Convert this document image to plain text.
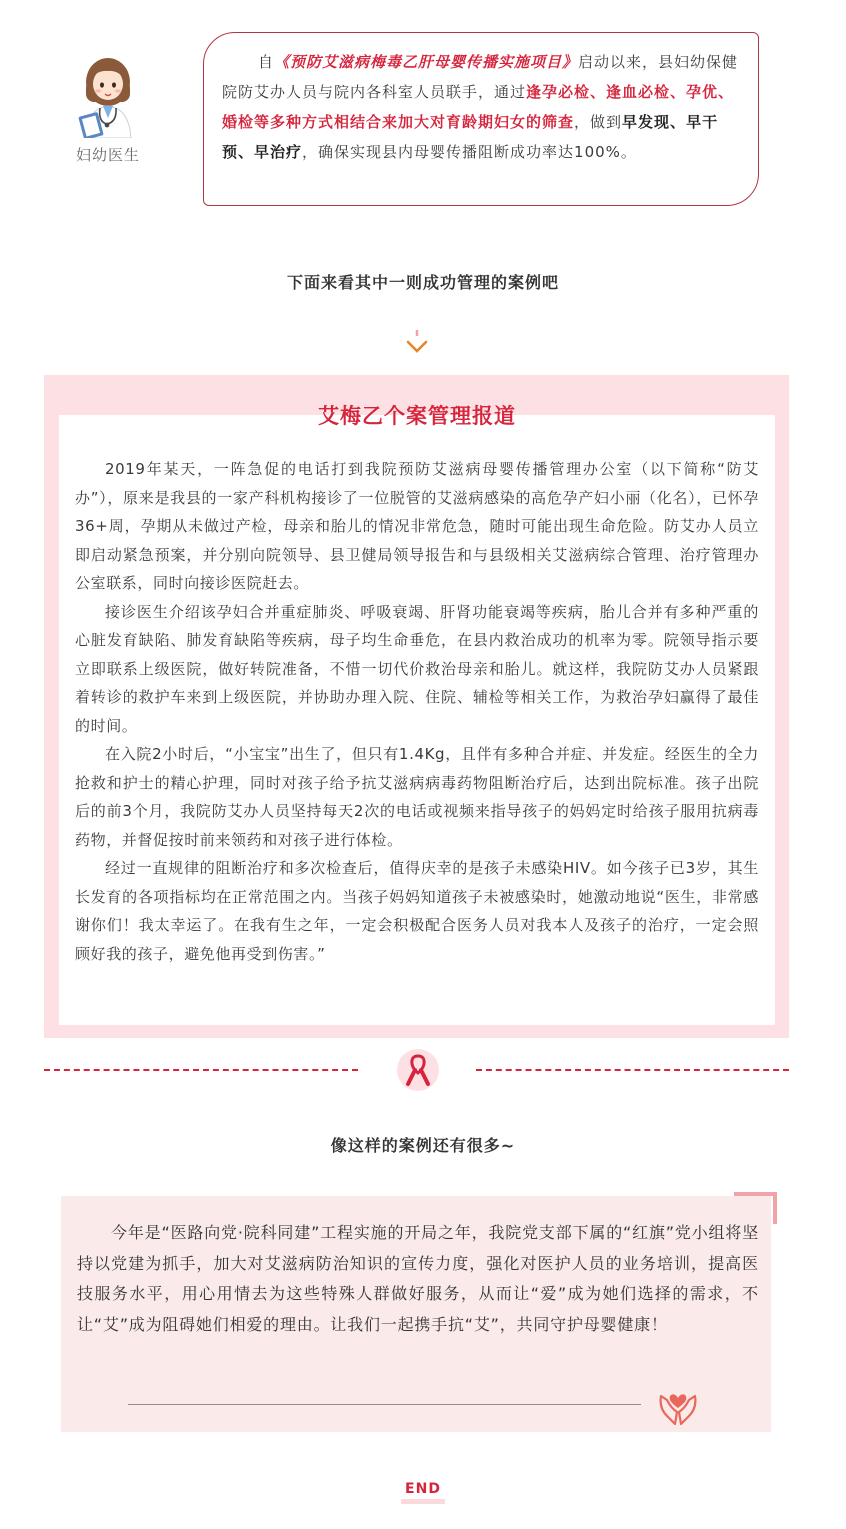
妇幼医生
自《预防艾滋病梅毒乙肝母婴传播实施项目》启动以来，县妇幼保健院防艾办人员与院内各科室人员联手，通过逢孕必检、逢血必检、孕优、婚检等多种方式相结合来加大对育龄期妇女的筛查，做到早发现、早干预、早治疗，确保实现县内母婴传播阻断成功率达100%。
下面来看其中一则成功管理的案例吧
艾梅乙个案管理报道

2019年某天，一阵急促的电话打到我院预防艾滋病母婴传播管理办公室（以下简称“防艾办”），原来是我县的一家产科机构接诊了一位脱管的艾滋病感染的高危孕产妇小丽（化名），已怀孕36+周，孕期从未做过产检，母亲和胎儿的情况非常危急，随时可能出现生命危险。防艾办人员立即启动紧急预案，并分别向院领导、县卫健局领导报告和与县级相关艾滋病综合管理、治疗管理办公室联系，同时向接诊医院赶去。

接诊医生介绍该孕妇合并重症肺炎、呼吸衰竭、肝肾功能衰竭等疾病，胎儿合并有多种严重的心脏发育缺陷、肺发育缺陷等疾病，母子均生命垂危，在县内救治成功的机率为零。院领导指示要立即联系上级医院，做好转院准备，不惜一切代价救治母亲和胎儿。就这样，我院防艾办人员紧跟着转诊的救护车来到上级医院，并协助办理入院、住院、辅检等相关工作，为救治孕妇赢得了最佳的时间。

在入院2小时后，“小宝宝”出生了，但只有1.4Kg，且伴有多种合并症、并发症。经医生的全力抢救和护士的精心护理，同时对孩子给予抗艾滋病病毒药物阻断治疗后，达到出院标准。孩子出院后的前3个月，我院防艾办人员坚持每天2次的电话或视频来指导孩子的妈妈定时给孩子服用抗病毒药物，并督促按时前来领药和对孩子进行体检。

经过一直规律的阻断治疗和多次检查后，值得庆幸的是孩子未感染HIV。如今孩子已3岁，其生长发育的各项指标均在正常范围之内。当孩子妈妈知道孩子未被感染时，她激动地说“医生，非常感谢你们！我太幸运了。在我有生之年，一定会积极配合医务人员对我本人及孩子的治疗，一定会照顾好我的孩子，避免他再受到伤害。”

像这样的案例还有很多~

今年是“医路向党·院科同建”工程实施的开局之年，我院党支部下属的“红旗”党小组将坚持以党建为抓手，加大对艾滋病防治知识的宣传力度，强化对医护人员的业务培训，提高医技服务水平，用心用情去为这些特殊人群做好服务，从而让“爱”成为她们选择的需求，不让“艾”成为阻碍她们相爱的理由。让我们一起携手抗“艾”，共同守护母婴健康！

END
